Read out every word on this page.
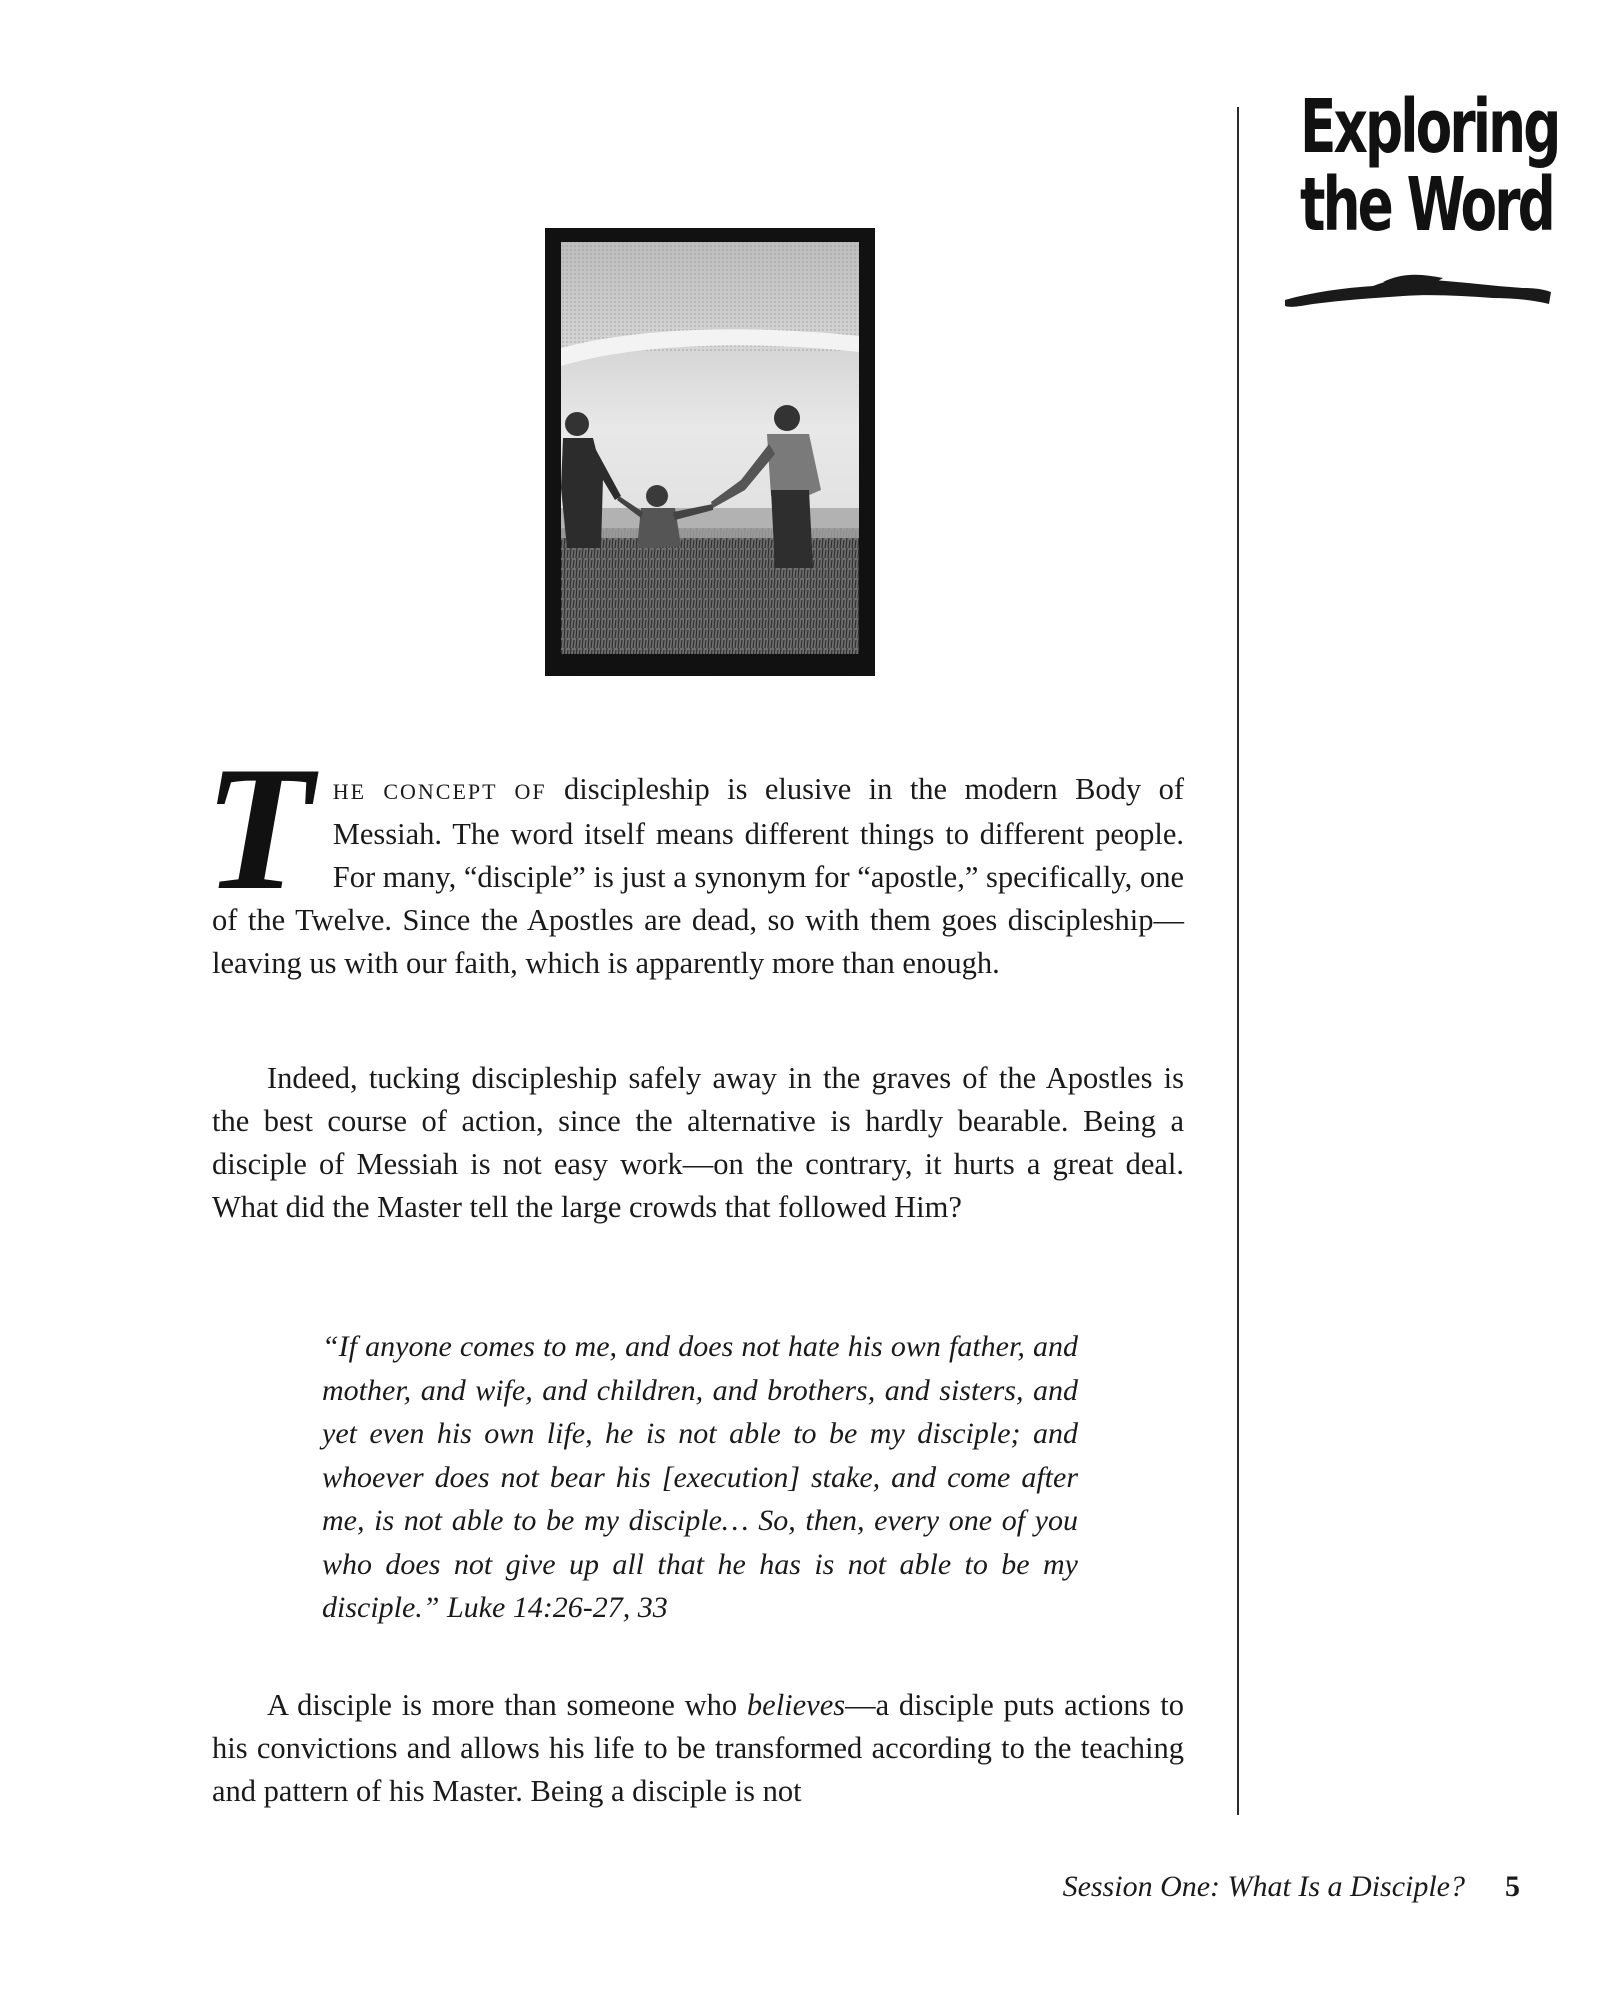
Exploring
the Word
THE CONCEPT OF discipleship is elusive in the modern Body of Messiah. The word itself means different things to different people. For many, “disciple” is just a synonym for “apostle,” specifically, one of the Twelve. Since the Apostles are dead, so with them goes discipleship—leaving us with our faith, which is apparently more than enough.
Indeed, tucking discipleship safely away in the graves of the Apostles is the best course of action, since the alternative is hardly bearable. Being a disciple of Messiah is not easy work—on the contrary, it hurts a great deal. What did the Master tell the large crowds that followed Him?
“If anyone comes to me, and does not hate his own father, and mother, and wife, and children, and brothers, and sisters, and yet even his own life, he is not able to be my disciple; and whoever does not bear his [execution] stake, and come after me, is not able to be my disciple… So, then, every one of you who does not give up all that he has is not able to be my disciple.” Luke 14:26-27, 33
A disciple is more than someone who believes—a disciple puts actions to his convictions and allows his life to be transformed according to the teaching and pattern of his Master. Being a disciple is not
Session One: What Is a Disciple? 5
